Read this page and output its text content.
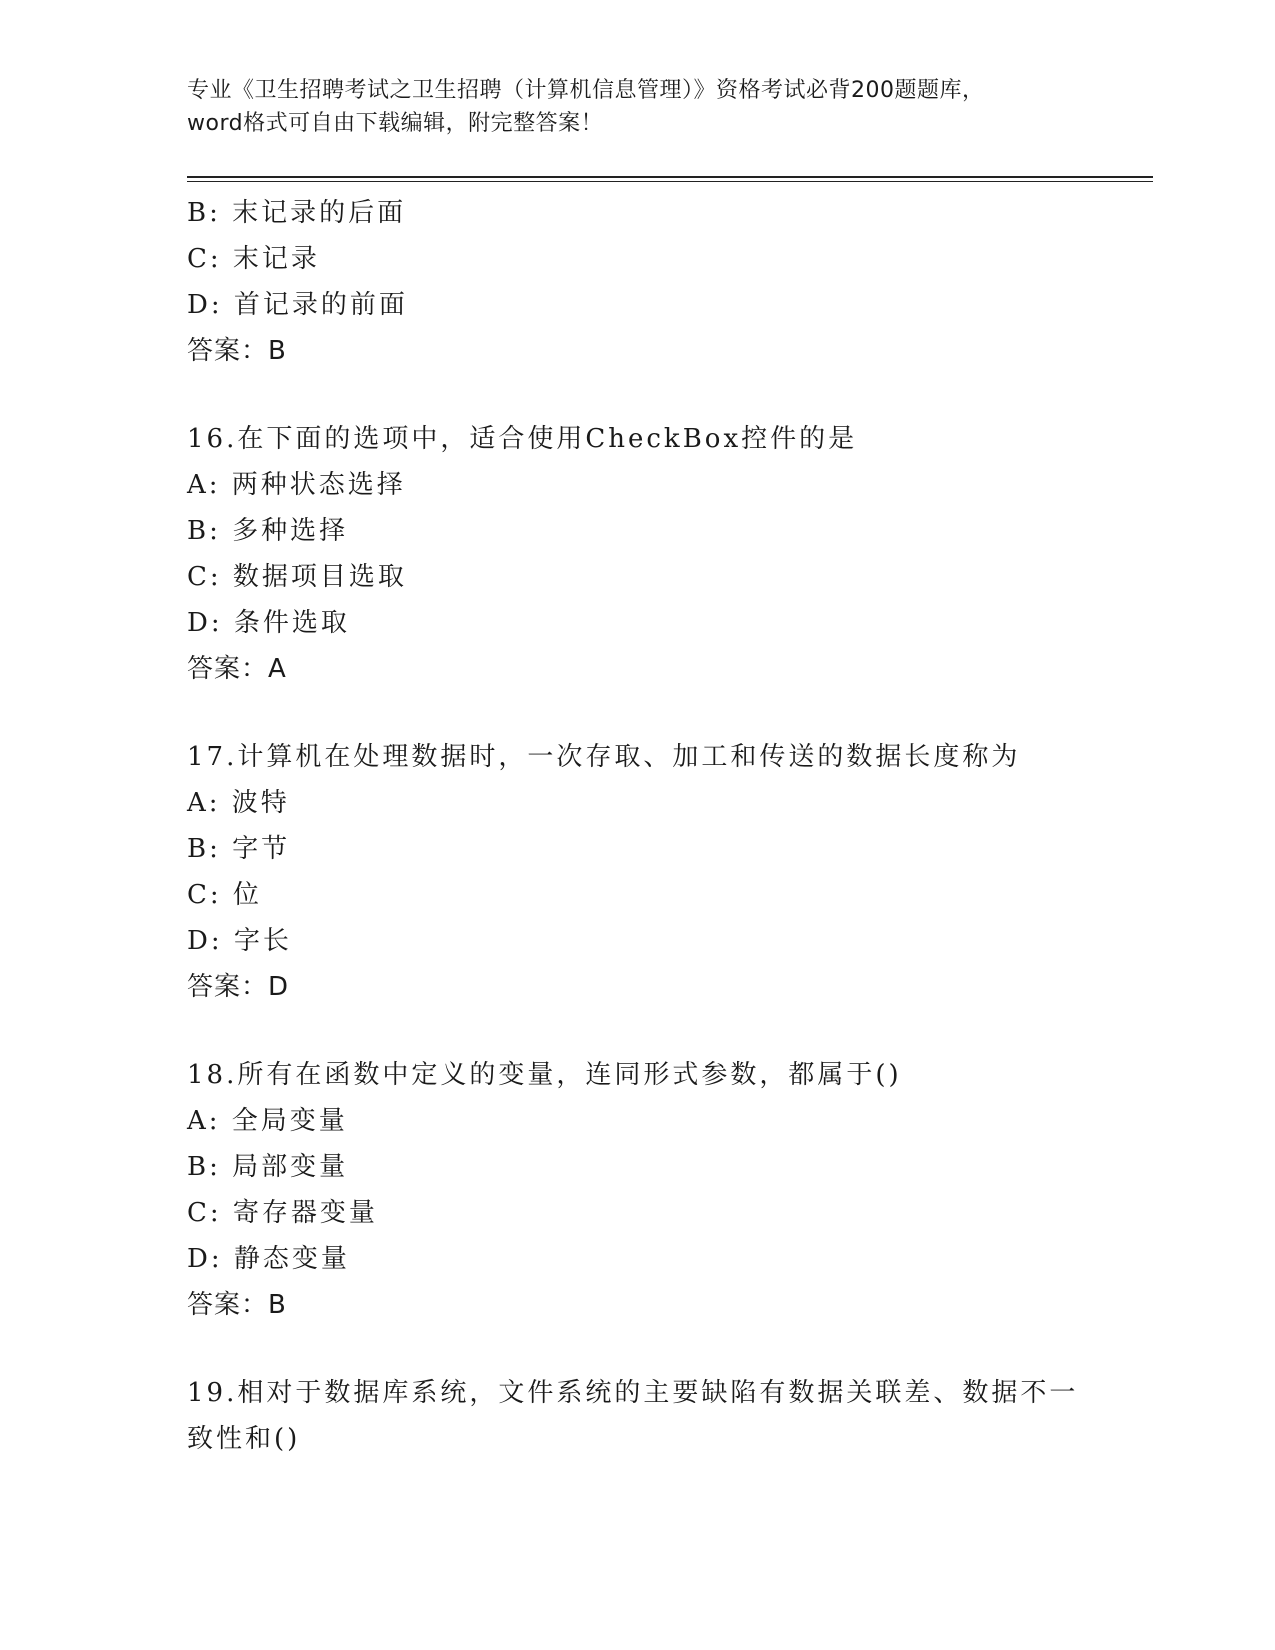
专业《卫生招聘考试之卫生招聘（计算机信息管理）》资格考试必背200题题库，
word格式可自由下载编辑，附完整答案！
B: 末记录的后面
C: 末记录
D: 首记录的前面
答案：B
16.在下面的选项中，适合使用CheckBox控件的是
A: 两种状态选择
B: 多种选择
C: 数据项目选取
D: 条件选取
答案：A
17.计算机在处理数据时，一次存取、加工和传送的数据长度称为
A: 波特
B: 字节
C: 位
D: 字长
答案：D
18.所有在函数中定义的变量，连同形式参数，都属于()
A: 全局变量
B: 局部变量
C: 寄存器变量
D: 静态变量
答案：B
19.相对于数据库系统，文件系统的主要缺陷有数据关联差、数据不一
致性和()
